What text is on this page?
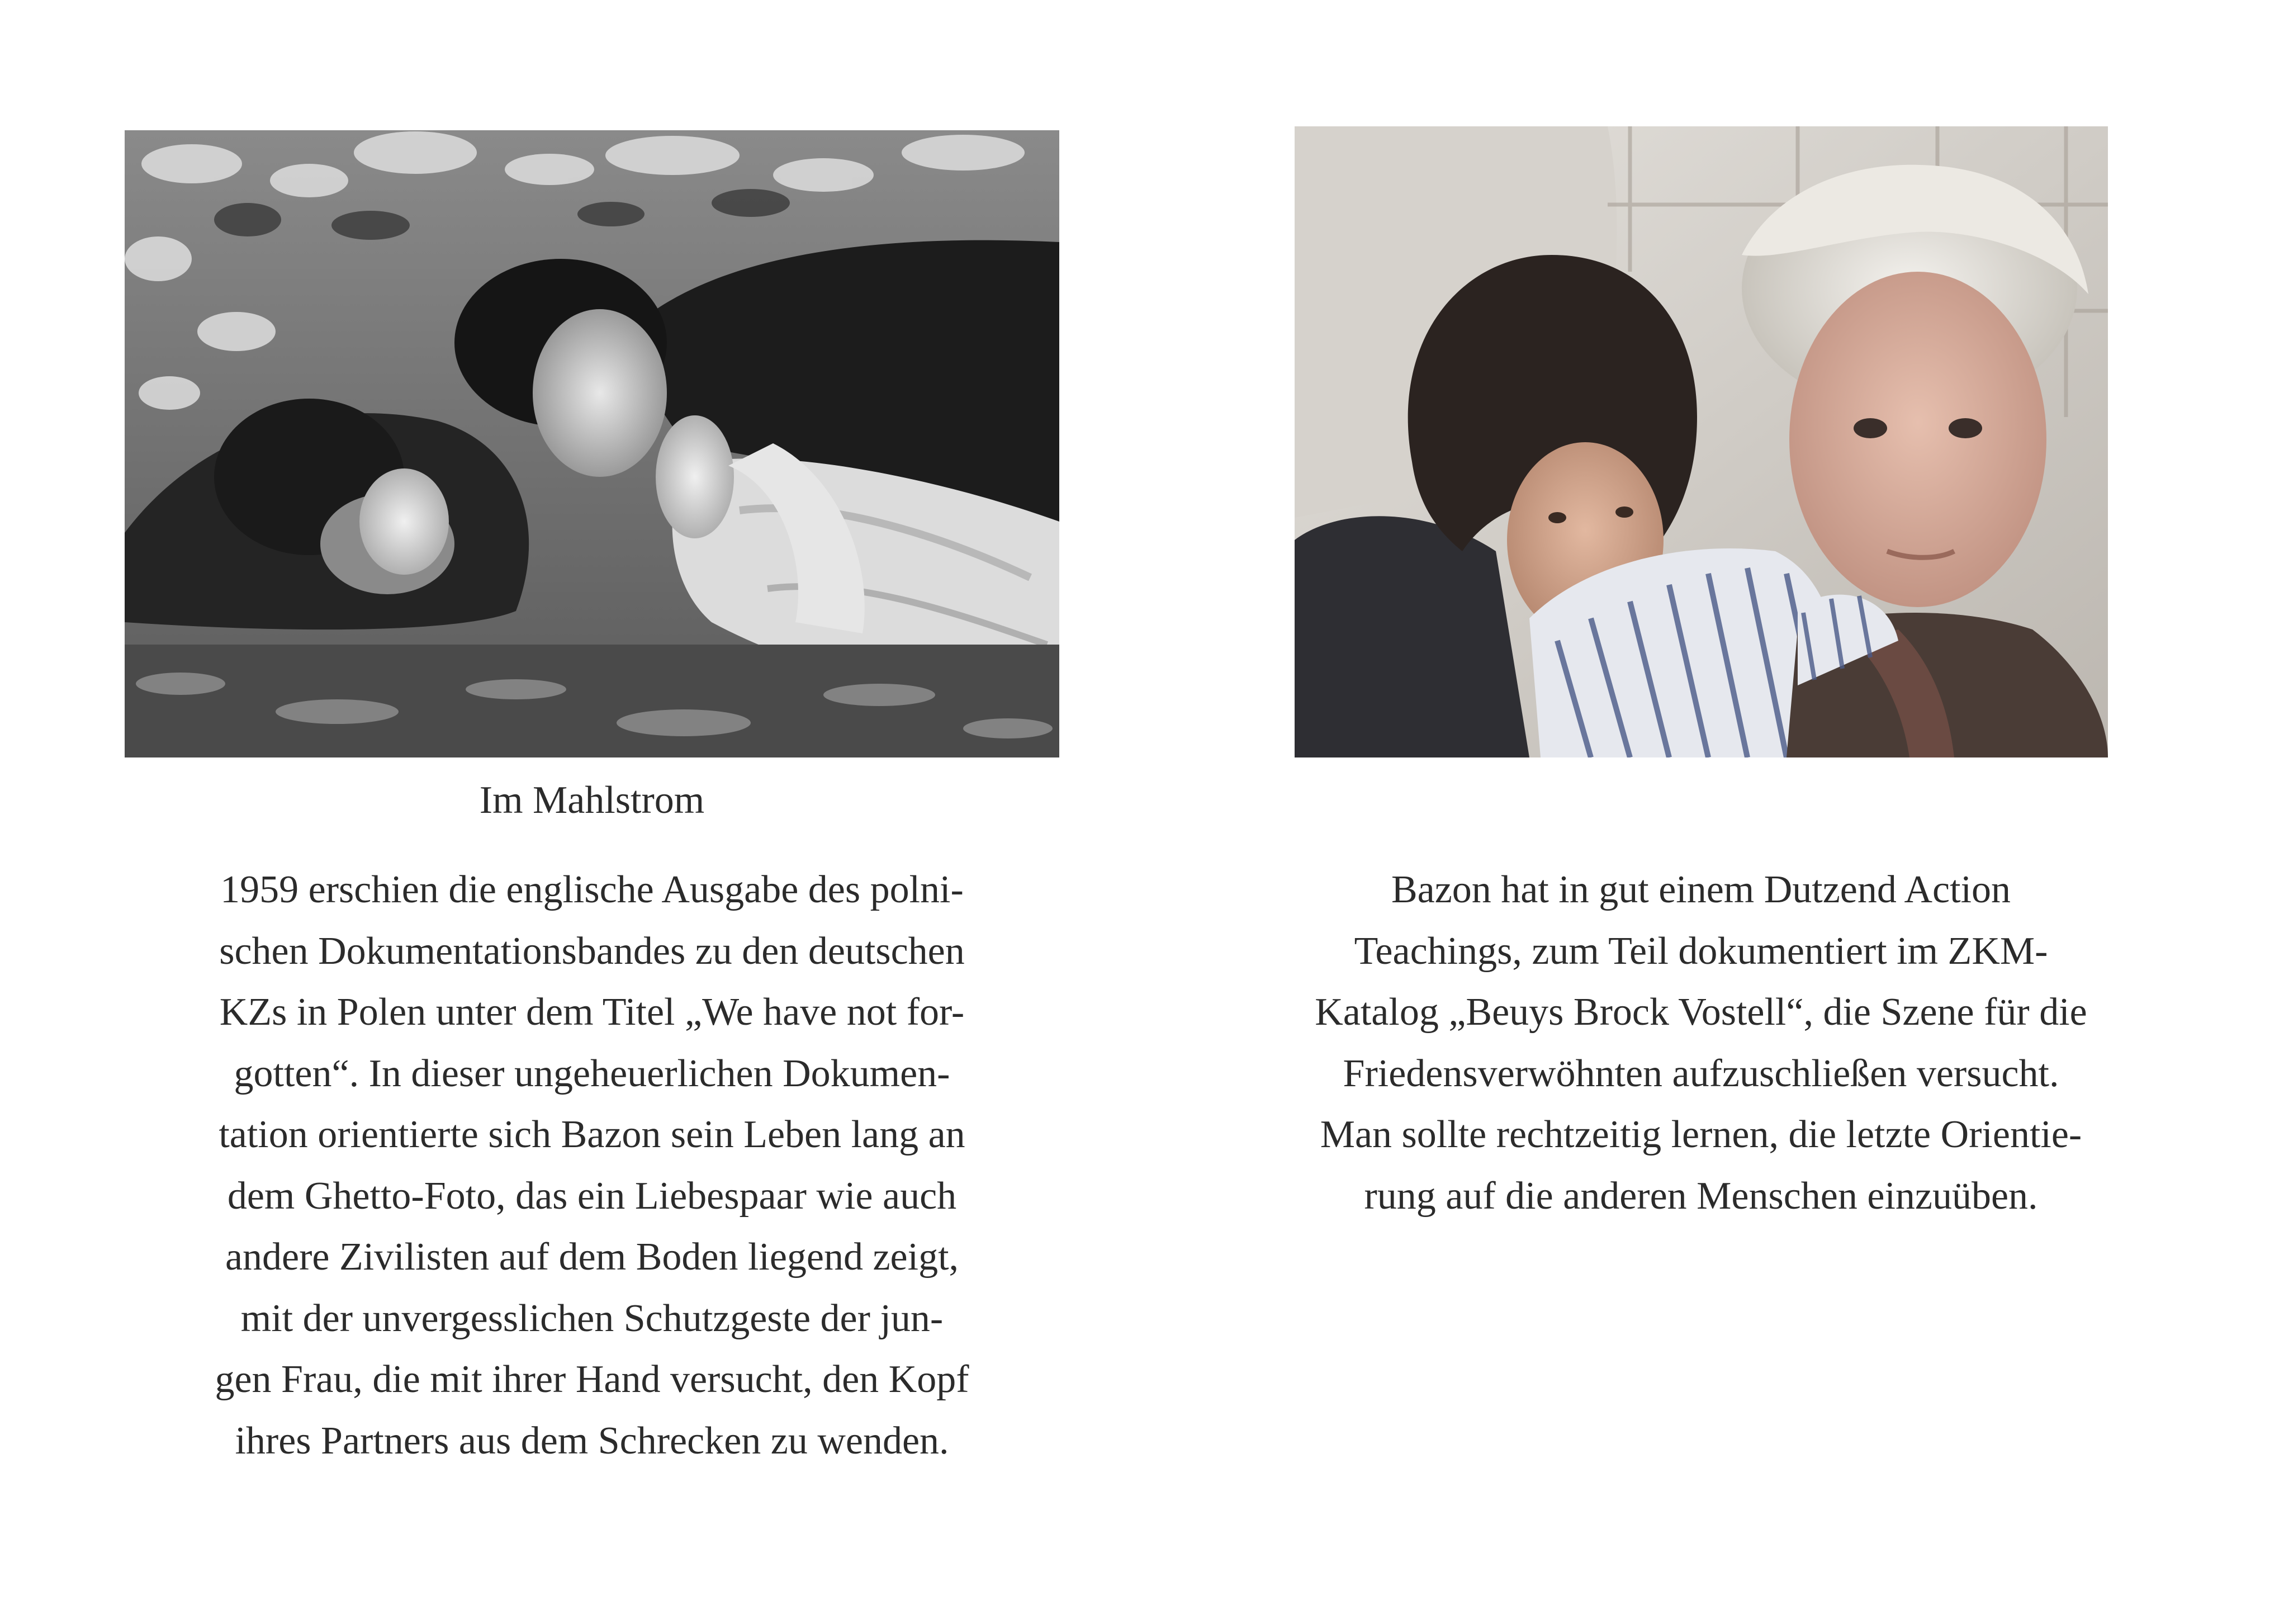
Im Mahlstrom
1959 erschien die englische Ausgabe des polni-
schen Dokumentationsbandes zu den deutschen
KZs in Polen unter dem Titel „We have not for-
gotten“. In dieser ungeheuerlichen Dokumen-
tation orientierte sich Bazon sein Leben lang an
dem Ghetto-Foto, das ein Liebespaar wie auch
andere Zivilisten auf dem Boden liegend zeigt,
mit der unvergesslichen Schutzgeste der jun-
gen Frau, die mit ihrer Hand versucht, den Kopf
ihres Partners aus dem Schrecken zu wenden.
Bazon hat in gut einem Dutzend Action
Teachings, zum Teil dokumentiert im ZKM-
Katalog „Beuys Brock Vostell“, die Szene für die
Friedensverwöhnten aufzuschließen versucht.
Man sollte rechtzeitig lernen, die letzte Orientie-
rung auf die anderen Menschen einzuüben.
